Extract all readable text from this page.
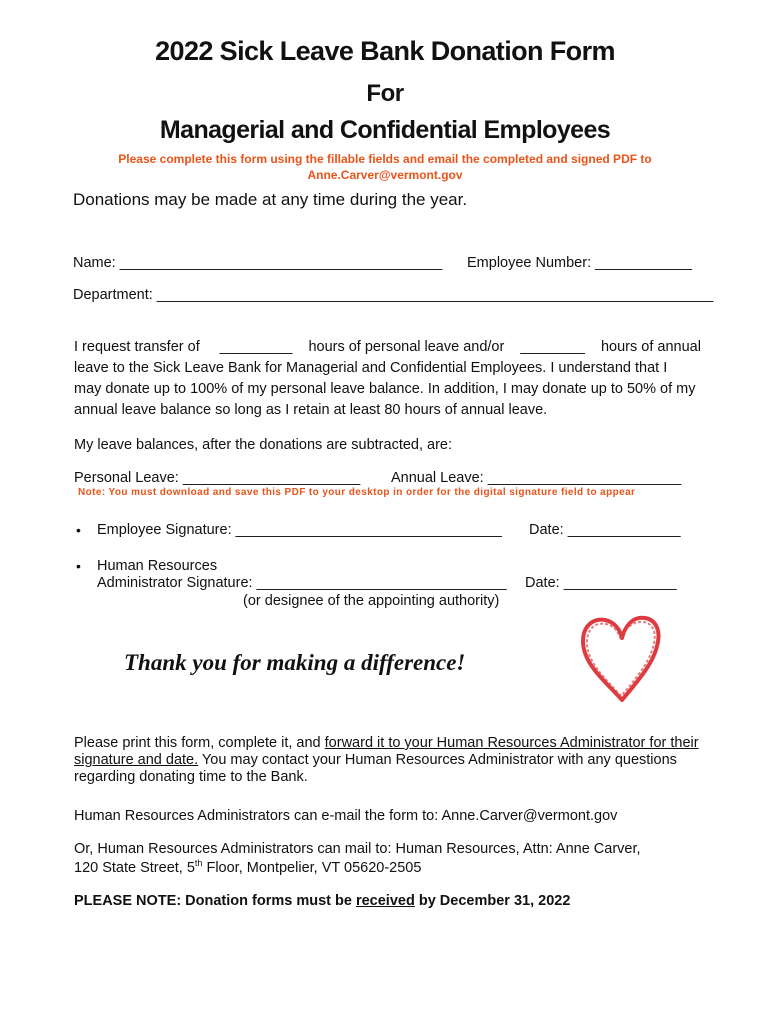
2022 Sick Leave Bank Donation Form
For
Managerial and Confidential Employees
Please complete this form using the fillable fields and email the completed and signed PDF to
Anne.Carver@vermont.gov
Donations may be made at any time during the year.
Name: ________________________________________ Employee Number: ____________
Department: _____________________________________________________________________
I request transfer of _________ hours of personal leave and/or ________ hours of annual
leave to the Sick Leave Bank for Managerial and Confidential Employees. I understand that I
may donate up to 100% of my personal leave balance. In addition, I may donate up to 50% of my
annual leave balance so long as I retain at least 80 hours of annual leave.
My leave balances, after the donations are subtracted, are:
Personal Leave: ______________________ Annual Leave: ________________________
Note: You must download and save this PDF to your desktop in order for the digital signature field to appear
• Employee Signature: _________________________________ Date: ______________
• Human Resources
Administrator Signature: _______________________________ Date: ______________
(or designee of the appointing authority)
Thank you for making a difference!
Please print this form, complete it, and forward it to your Human Resources Administrator for their
signature and date. You may contact your Human Resources Administrator with any questions
regarding donating time to the Bank.
Human Resources Administrators can e-mail the form to: Anne.Carver@vermont.gov
Or, Human Resources Administrators can mail to: Human Resources, Attn: Anne Carver,
120 State Street, 5th Floor, Montpelier, VT 05620-2505
PLEASE NOTE: Donation forms must be received by December 31, 2022
